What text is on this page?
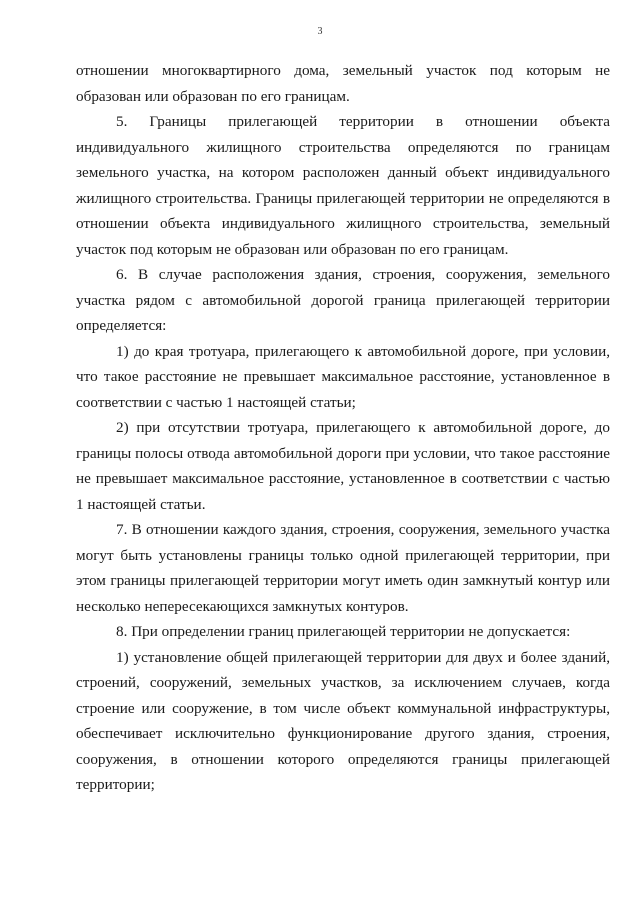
3

отношении многоквартирного дома, земельный участок под которым не образован или образован по его границам.

5. Границы прилегающей территории в отношении объекта индивидуального жилищного строительства определяются по границам земельного участка, на котором расположен данный объект индивидуального жилищного строительства. Границы прилегающей территории не определяются в отношении объекта индивидуального жилищного строительства, земельный участок под которым не образован или образован по его границам.

6. В случае расположения здания, строения, сооружения, земельного участка рядом с автомобильной дорогой граница прилегающей территории определяется:

1) до края тротуара, прилегающего к автомобильной дороге, при условии, что такое расстояние не превышает максимальное расстояние, установленное в соответствии с частью 1 настоящей статьи;

2) при отсутствии тротуара, прилегающего к автомобильной дороге, до границы полосы отвода автомобильной дороги при условии, что такое расстояние не превышает максимальное расстояние, установленное в соответствии с частью 1 настоящей статьи.

7. В отношении каждого здания, строения, сооружения, земельного участка могут быть установлены границы только одной прилегающей территории, при этом границы прилегающей территории могут иметь один замкнутый контур или несколько непересекающихся замкнутых контуров.

8. При определении границ прилегающей территории не допускается:

1) установление общей прилегающей территории для двух и более зданий, строений, сооружений, земельных участков, за исключением случаев, когда строение или сооружение, в том числе объект коммунальной инфраструктуры, обеспечивает исключительно функционирование другого здания, строения, сооружения, в отношении которого определяются границы прилегающей территории;
